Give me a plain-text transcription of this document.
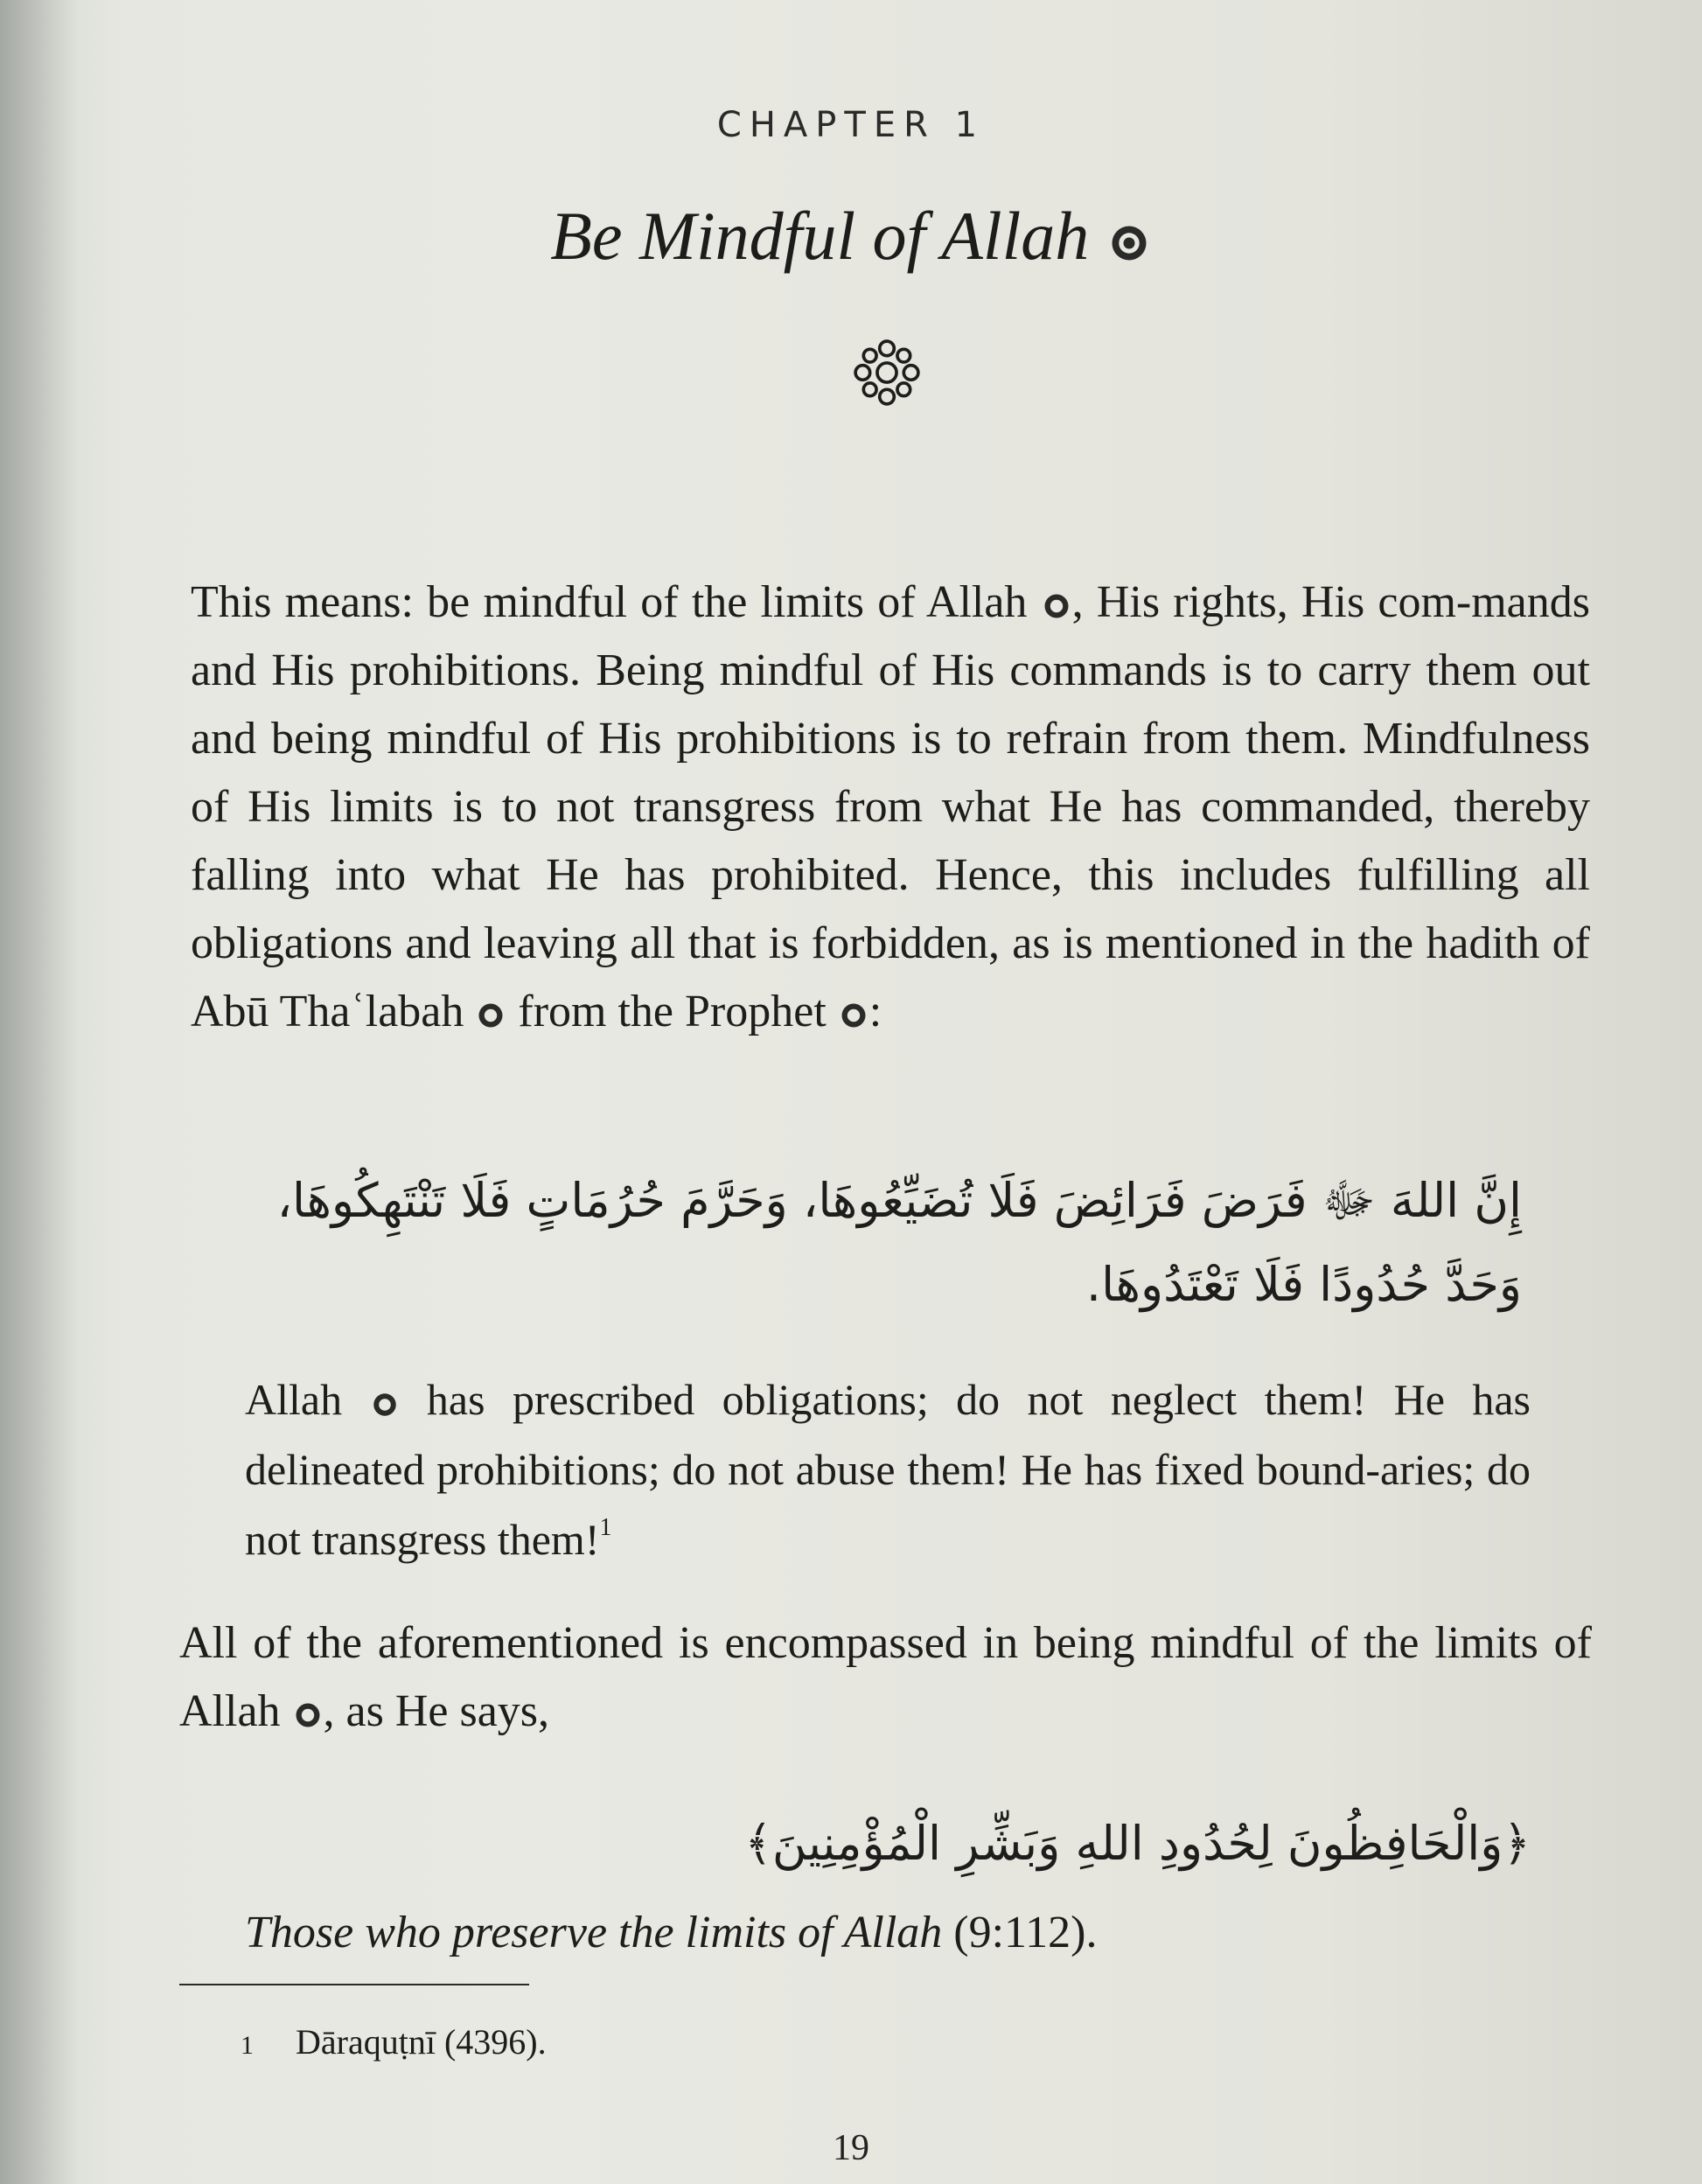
CHAPTER 1
Be Mindful of Allah

This means: be mindful of the limits of Allah , His rights, His com-mands and His prohibitions. Being mindful of His commands is to carry them out and being mindful of His prohibitions is to refrain from them. Mindfulness of His limits is to not transgress from what He has commanded, thereby falling into what He has prohibited. Hence, this includes fulfilling all obligations and leaving all that is forbidden, as is mentioned in the hadith of Abū Thaʿlabah  from the Prophet :

إِنَّ اللهَ ﷻ فَرَضَ فَرَائِضَ فَلَا تُضَيِّعُوهَا، وَحَرَّمَ حُرُمَاتٍ فَلَا تَنْتَهِكُوهَا، وَحَدَّ حُدُودًا فَلَا تَعْتَدُوهَا.

Allah  has prescribed obligations; do not neglect them! He has delineated prohibitions; do not abuse them! He has fixed bound-aries; do not transgress them!$^1$

All of the aforementioned is encompassed in being mindful of the limits of Allah , as He says,

﴿وَالْحَافِظُونَ لِحُدُودِ اللهِ وَبَشِّرِ الْمُؤْمِنِينَ﴾

Those who preserve the limits of Allah (9:112).

1 Dāraquṭnī (4396).

19
